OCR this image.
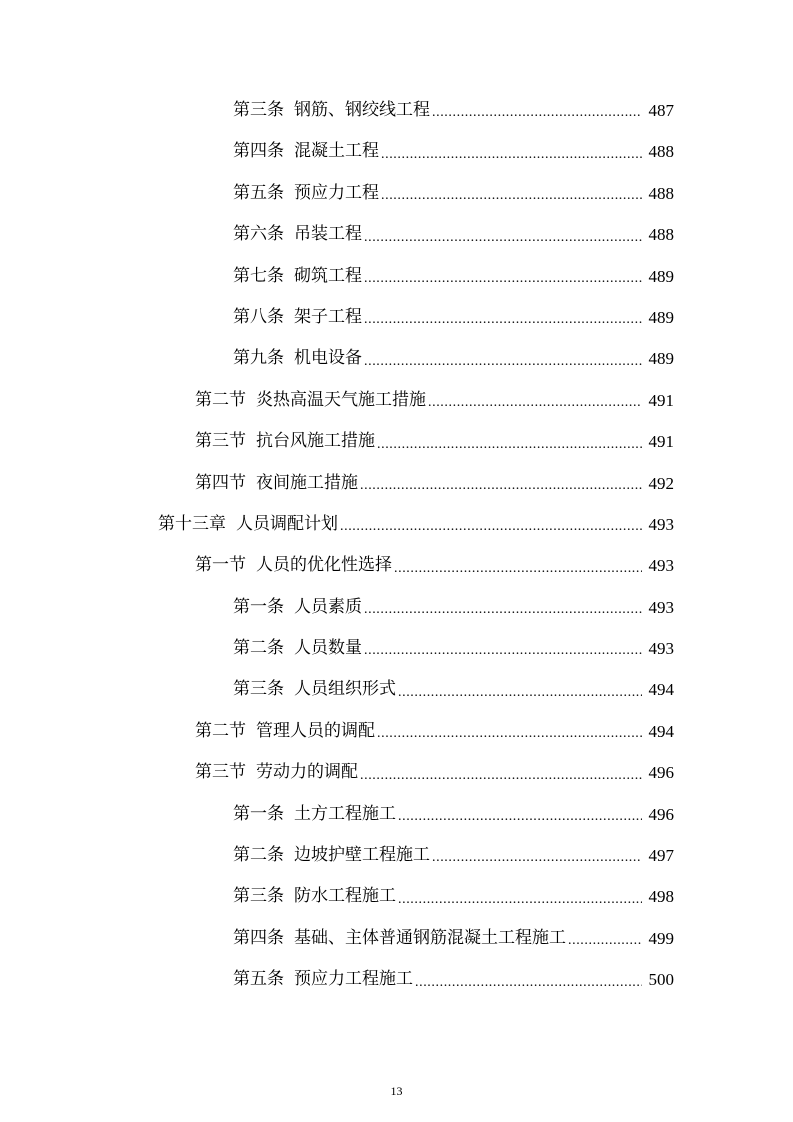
第三条 钢筋、钢绞线工程 .....	487
第四条 混凝土工程 .....	488
第五条 预应力工程 .....	488
第六条 吊装工程 .....	488
第七条 砌筑工程 .....	489
第八条 架子工程 .....	489
第九条 机电设备 .....	489
第二节 炎热高温天气施工措施 .....	491
第三节 抗台风施工措施 .....	491
第四节 夜间施工措施 .....	492
第十三章 人员调配计划 .....	493
第一节 人员的优化性选择 .....	493
第一条 人员素质 .....	493
第二条 人员数量 .....	493
第三条 人员组织形式 .....	494
第二节 管理人员的调配 .....	494
第三节 劳动力的调配 .....	496
第一条 土方工程施工 .....	496
第二条 边坡护壁工程施工 .....	497
第三条 防水工程施工 .....	498
第四条 基础、主体普通钢筋混凝土工程施工 .....	499
第五条 预应力工程施工 .....	500
13
